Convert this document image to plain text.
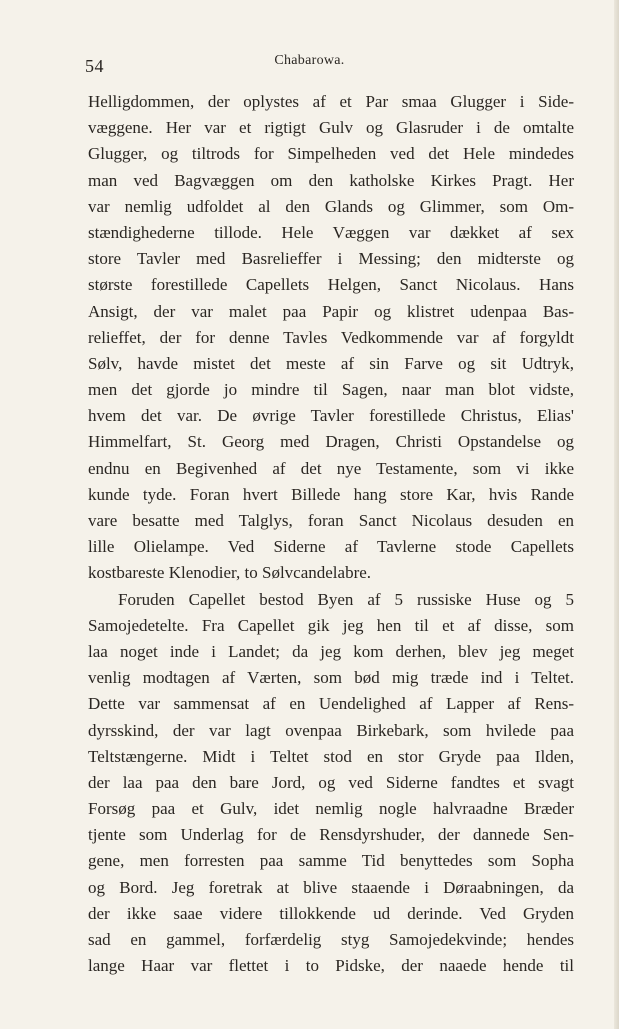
54	Chabarowa.
Helligdommen, der oplystes af et Par smaa Glugger i Side-
væggene. Her var et rigtigt Gulv og Glasruder i de omtalte
Glugger, og tiltrods for Simpelheden ved det Hele mindedes
man ved Bagvæggen om den katholske Kirkes Pragt. Her
var nemlig udfoldet al den Glands og Glimmer, som Om-
stændighederne tillode. Hele Væggen var dækket af sex
store Tavler med Basrelieffer i Messing; den midterste og
største forestillede Capellets Helgen, Sanct Nicolaus. Hans
Ansigt, der var malet paa Papir og klistret udenpaa Bas-
relieffet, der for denne Tavles Vedkommende var af forgyldt
Sølv, havde mistet det meste af sin Farve og sit Udtryk,
men det gjorde jo mindre til Sagen, naar man blot vidste,
hvem det var. De øvrige Tavler forestillede Christus, Elias'
Himmelfart, St. Georg med Dragen, Christi Opstandelse og
endnu en Begivenhed af det nye Testamente, som vi ikke
kunde tyde. Foran hvert Billede hang store Kar, hvis Rande
vare besatte med Talglys, foran Sanct Nicolaus desuden en
lille Olielampe. Ved Siderne af Tavlerne stode Capellets
kostbareste Klenodier, to Sølvcandelabre.
Foruden Capellet bestod Byen af 5 russiske Huse og 5
Samojedetelte. Fra Capellet gik jeg hen til et af disse, som
laa noget inde i Landet; da jeg kom derhen, blev jeg meget
venlig modtagen af Værten, som bød mig træde ind i Teltet.
Dette var sammensat af en Uendelighed af Lapper af Rens-
dyrsskind, der var lagt ovenpaa Birkebark, som hvilede paa
Teltstængerne. Midt i Teltet stod en stor Gryde paa Ilden,
der laa paa den bare Jord, og ved Siderne fandtes et svagt
Forsøg paa et Gulv, idet nemlig nogle halvraadne Bræder
tjente som Underlag for de Rensdyrshuder, der dannede Sen-
gene, men forresten paa samme Tid benyttedes som Sopha
og Bord. Jeg foretrak at blive staaende i Døraabningen, da
der ikke saae videre tillokkende ud derinde. Ved Gryden
sad en gammel, forfærdelig styg Samojedekvinde; hendes
lange Haar var flettet i to Pidske, der naaede hende til
